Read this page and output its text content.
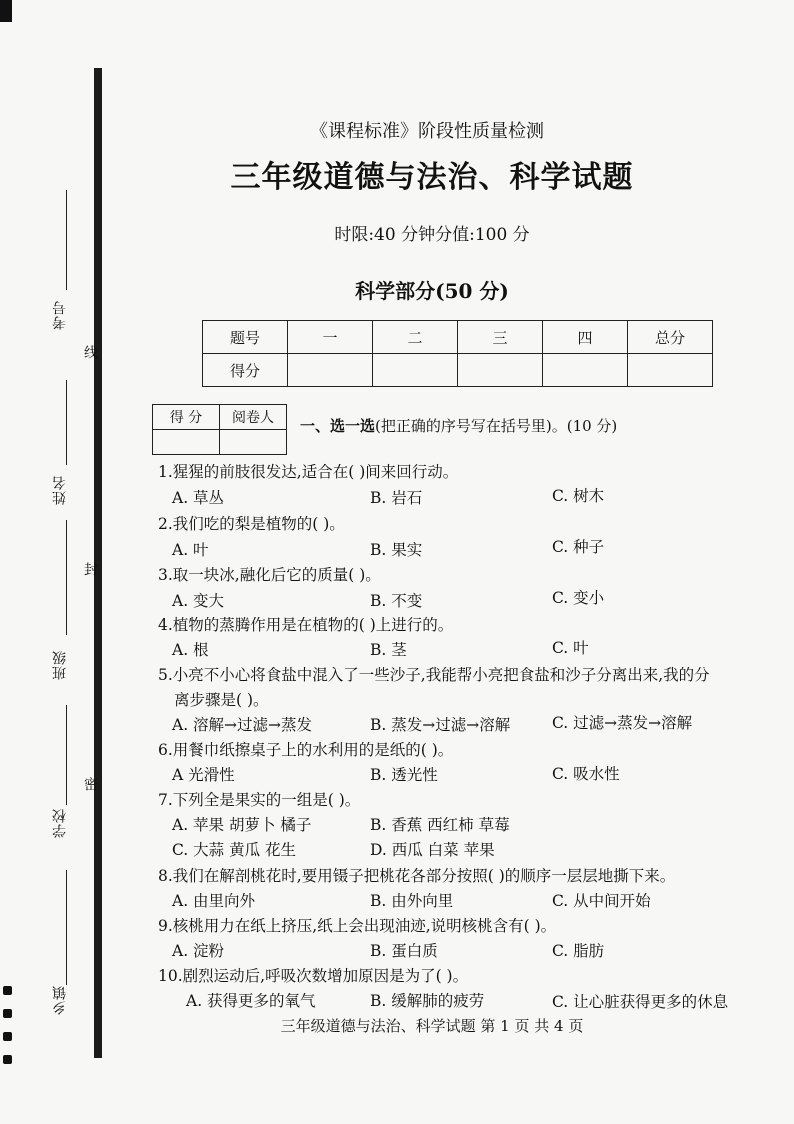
考号
线
姓名
封
班级
密
学校
乡镇
《课程标准》阶段性质量检测
三年级道德与法治、科学试题
时限:40 分钟分值:100 分
科学部分(50 分)
题号	一	二	三	四	总分
得分					
得 分	阅卷人
	一、选一选(把正确的序号写在括号里)。(10 分)
1.猩猩的前肢很发达,适合在( )间来回行动。
A. 草丛	B. 岩石	C. 树木
2.我们吃的梨是植物的( )。
A. 叶	B. 果实	C. 种子
3.取一块冰,融化后它的质量( )。
A. 变大	B. 不变	C. 变小
4.植物的蒸腾作用是在植物的( )上进行的。
A. 根	B. 茎	C. 叶
5.小亮不小心将食盐中混入了一些沙子,我能帮小亮把食盐和沙子分离出来,我的分
离步骤是( )。
A. 溶解→过滤→蒸发	B. 蒸发→过滤→溶解	C. 过滤→蒸发→溶解
6.用餐巾纸擦桌子上的水利用的是纸的( )。
A 光滑性	B. 透光性	C. 吸水性
7.下列全是果实的一组是( )。
A. 苹果 胡萝卜 橘子	B. 香蕉 西红柿 草莓
C. 大蒜 黄瓜 花生	D. 西瓜 白菜 苹果
8.我们在解剖桃花时,要用镊子把桃花各部分按照( )的顺序一层层地撕下来。
A. 由里向外	B. 由外向里	C. 从中间开始
9.核桃用力在纸上挤压,纸上会出现油迹,说明核桃含有( )。
A. 淀粉	B. 蛋白质	C. 脂肪
10.剧烈运动后,呼吸次数增加原因是为了( )。
A. 获得更多的氧气	B. 缓解肺的疲劳	C. 让心脏获得更多的休息
三年级道德与法治、科学试题 第 1 页 共 4 页
